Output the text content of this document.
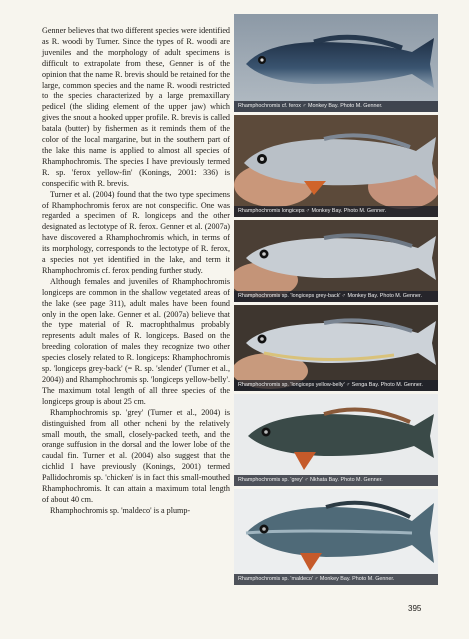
Genner believes that two different species were identified as R. woodi by Turner. Since the types of R. woodi are juveniles and the morphology of adult specimens is difficult to extrapolate from these, Genner is of the opinion that the name R. brevis should be retained for the large, common species and the name R. woodi restricted to the species characterized by a large premaxillary pedicel (the sliding element of the upper jaw) which gives the snout a hooked upper profile. R. brevis is called batala (butter) by fishermen as it reminds them of the color of the local margarine, but in the southern part of the lake this name is applied to almost all species of Rhamphochromis. The species I have previously termed R. sp. 'ferox yellow-fin' (Konings, 2001: 336) is conspecific with R. brevis.

Turner et al. (2004) found that the two type specimens of Rhamphochromis ferox are not conspecific. One was regarded a specimen of R. longiceps and the other designated as lectotype of R. ferox. Genner et al. (2007a) have discovered a Rhamphochromis which, in terms of its morphology, corresponds to the lectotype of R. ferox, a species not yet identified in the lake, and term it Rhamphochromis cf. ferox pending further study.

Although females and juveniles of Rhamphochromis longiceps are common in the shallow vegetated areas of the lake (see page 311), adult males have been found only in the open lake. Genner et al. (2007a) believe that the type material of R. macrophthalmus probably represents adult males of R. longiceps. Based on the breeding coloration of males they recognize two other species closely related to R. longiceps: Rhamphochromis sp. 'longiceps grey-back' (= R. sp. 'slender' (Turner et al., 2004)) and Rhamphochromis sp. 'longiceps yellow-belly'. The maximum total length of all three species of the longiceps group is about 25 cm.

Rhamphochromis sp. 'grey' (Turner et al., 2004) is distinguished from all other ncheni by the relatively small mouth, the small, closely-packed teeth, and the orange suffusion in the dorsal and the lower lobe of the caudal fin. Turner et al. (2004) also suggest that the cichlid I have previously (Konings, 2001) termed Pallidochromis sp. 'chicken' is in fact this small-mouthed Rhamphochromis. It can attain a maximum total length of about 40 cm.

Rhamphochromis sp. 'maldeco' is a plump-

Rhamphochromis cf. ferox ♂ Monkey Bay. Photo M. Genner.
Rhamphochromis longiceps ♂ Monkey Bay. Photo M. Genner.
Rhamphochromis sp. 'longiceps grey-back' ♂ Monkey Bay. Photo M. Genner.
Rhamphochromis sp. 'longiceps yellow-belly' ♂ Senga Bay. Photo M. Genner.
Rhamphochromis sp. 'grey' ♂ Nkhata Bay. Photo M. Genner.
Rhamphochromis sp. 'maldeco' ♂ Monkey Bay. Photo M. Genner.
395
